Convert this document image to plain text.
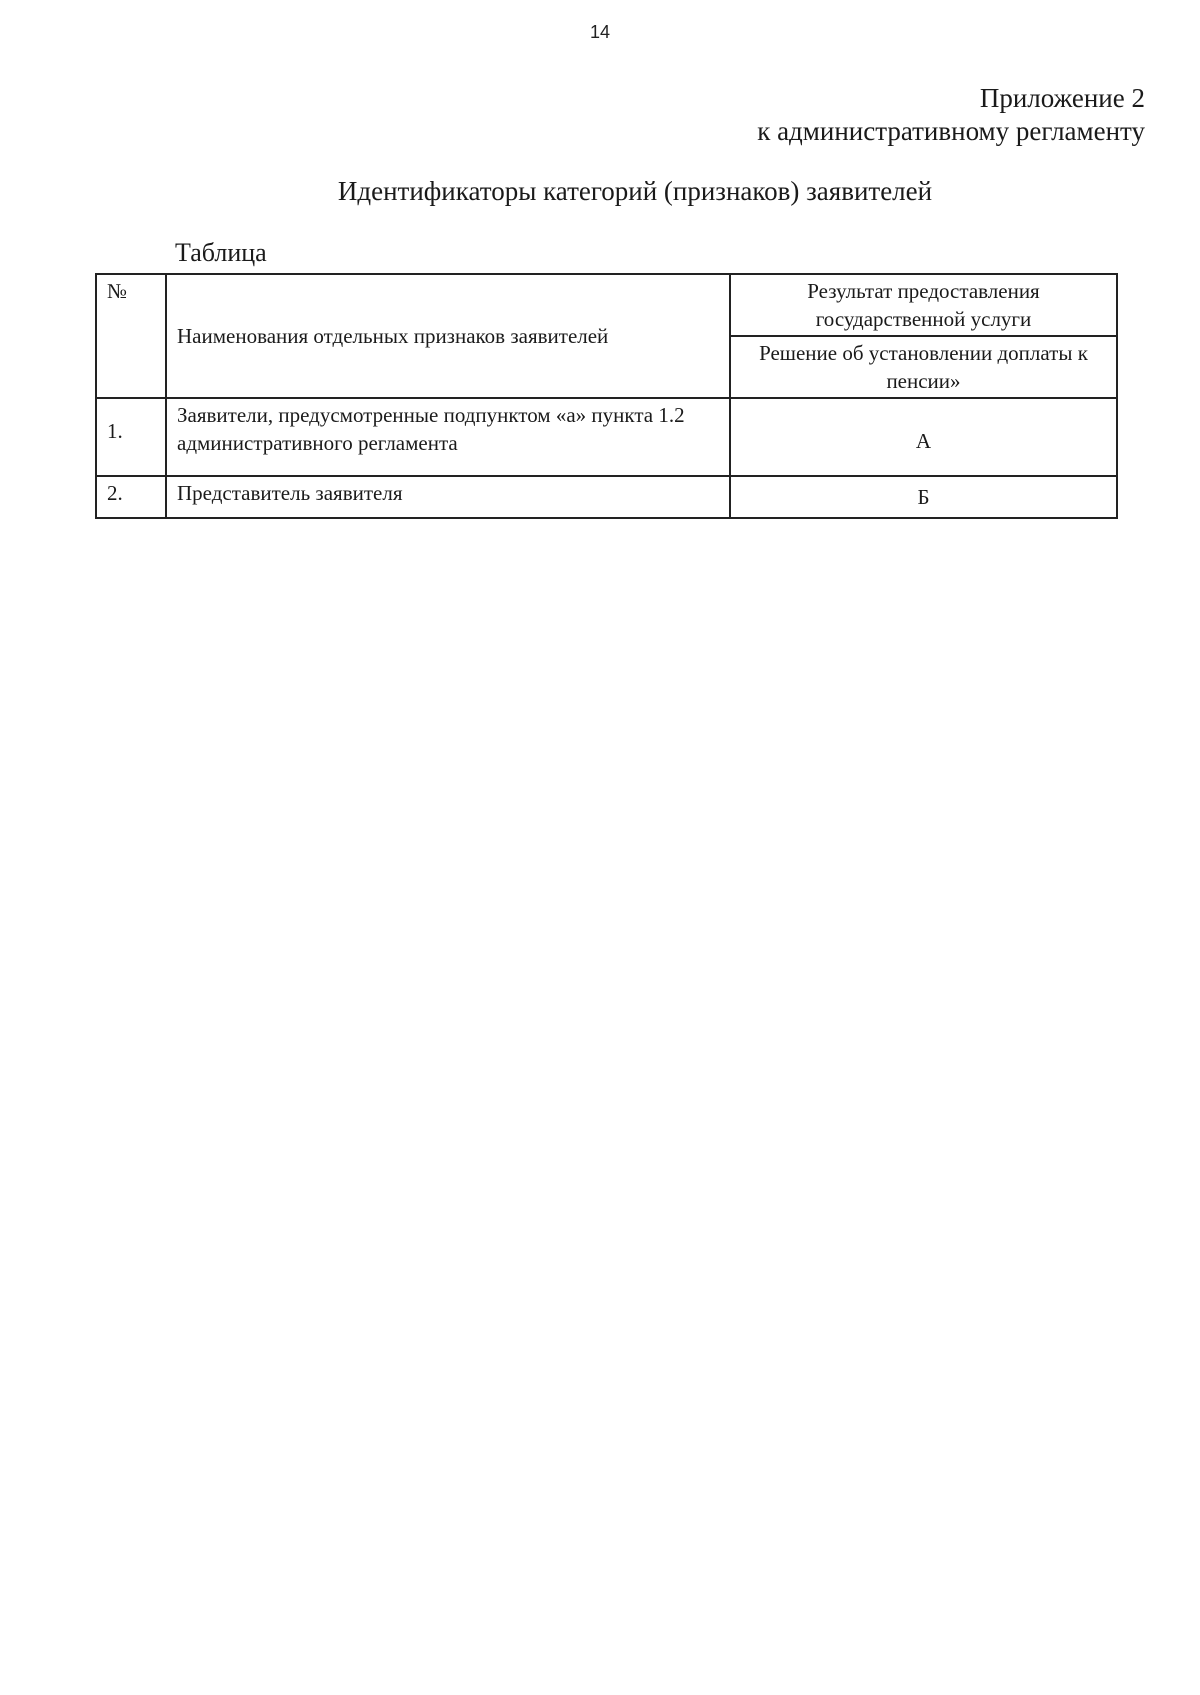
14
Приложение 2
к административному регламенту
Идентификаторы категорий (признаков) заявителей
Таблица
№	Наименования отдельных признаков заявителей	Результат предоставления государственной услуги
		Решение об установлении доплаты к пенсии»
1.	Заявители, предусмотренные подпунктом «а» пункта 1.2 административного регламента	А
2.	Представитель заявителя	Б
